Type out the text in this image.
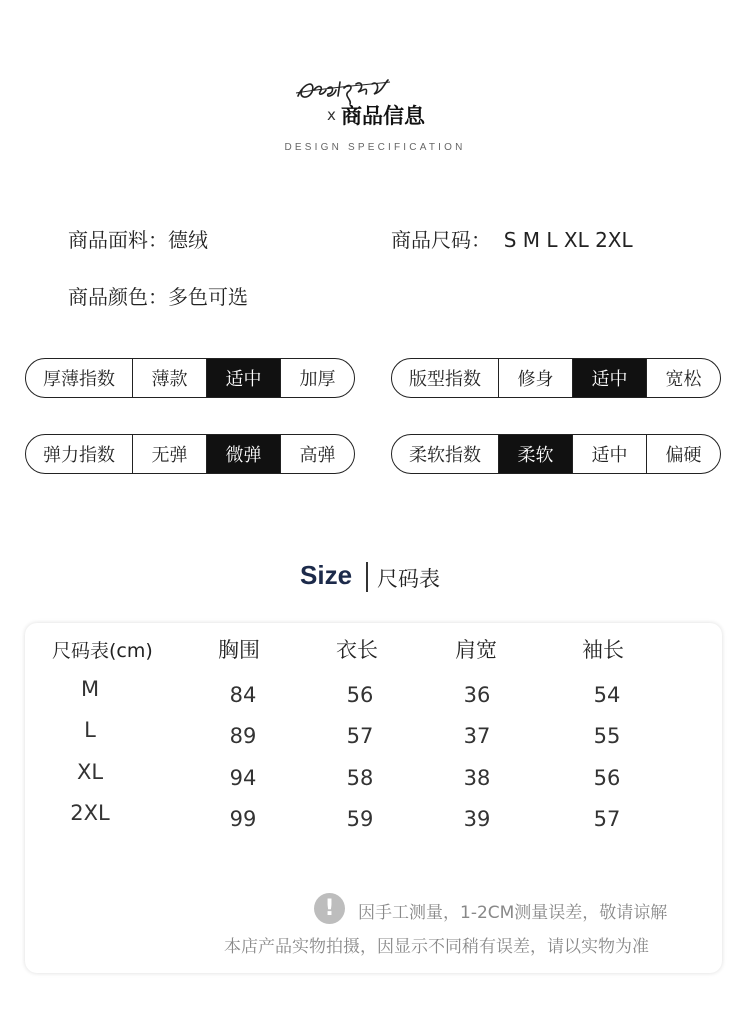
x 商品信息
DESIGN SPECIFICATION
商品面料：德绒	商品尺码：  S M L XL 2XL
商品颜色：多色可选
厚薄指数	薄款	适中	加厚	版型指数	修身	适中	宽松
弹力指数	无弹	微弹	高弹	柔软指数	柔软	适中	偏硬
Size 尺码表
尺码表(cm)	胸围	衣长	肩宽	袖长
M	84	56	36	54
L	89	57	37	55
XL	94	58	38	56
2XL	99	59	39	57
!	因手工测量，1-2CM测量误差，敬请谅解
本店产品实物拍摄，因显示不同稍有误差，请以实物为准
